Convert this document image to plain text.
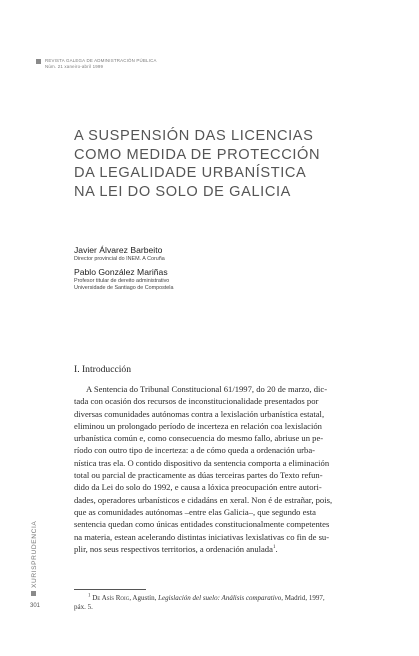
REVISTA GALEGA DE ADMINISTRACIÓN PÚBLICA
Núm. 21 xaneiro-abril 1999
A SUSPENSIÓN DAS LICENCIAS
COMO MEDIDA DE PROTECCIÓN
DA LEGALIDADE URBANÍSTICA
NA LEI DO SOLO DE GALICIA
Javier Álvarez Barbeito
Director provincial do INEM. A Coruña
Pablo González Mariñas
Profesor titular de dereito administrativo
Universidade de Santiago de Compostela
I. Introducción
A Sentencia do Tribunal Constitucional 61/1997, do 20 de marzo, dic-
tada con ocasión dos recursos de inconstitucionalidade presentados por
diversas comunidades autónomas contra a lexislación urbanística estatal,
eliminou un prolongado período de incerteza en relación coa lexislación
urbanística común e, como consecuencia do mesmo fallo, abriuse un pe-
ríodo con outro tipo de incerteza: a de cómo queda a ordenación urba-
nística tras ela. O contido dispositivo da sentencia comporta a eliminación
total ou parcial de practicamente as dúas terceiras partes do Texto refun-
dido da Lei do solo do 1992, e causa a lóxica preocupación entre autori-
dades, operadores urbanísticos e cidadáns en xeral. Non é de estrañar, pois,
que as comunidades autónomas –entre elas Galicia–, que segundo esta
sentencia quedan como únicas entidades constitucionalmente competentes
na materia, estean acelerando distintas iniciativas lexislativas co fin de su-
plir, nos seus respectivos territorios, a ordenación anulada$^1$.
$^1$ De Asís Roig, Agustín, Legislación del suelo: Análisis comparativo, Madrid, 1997,
páx. 5.
XURISPRUDENCIA
301
